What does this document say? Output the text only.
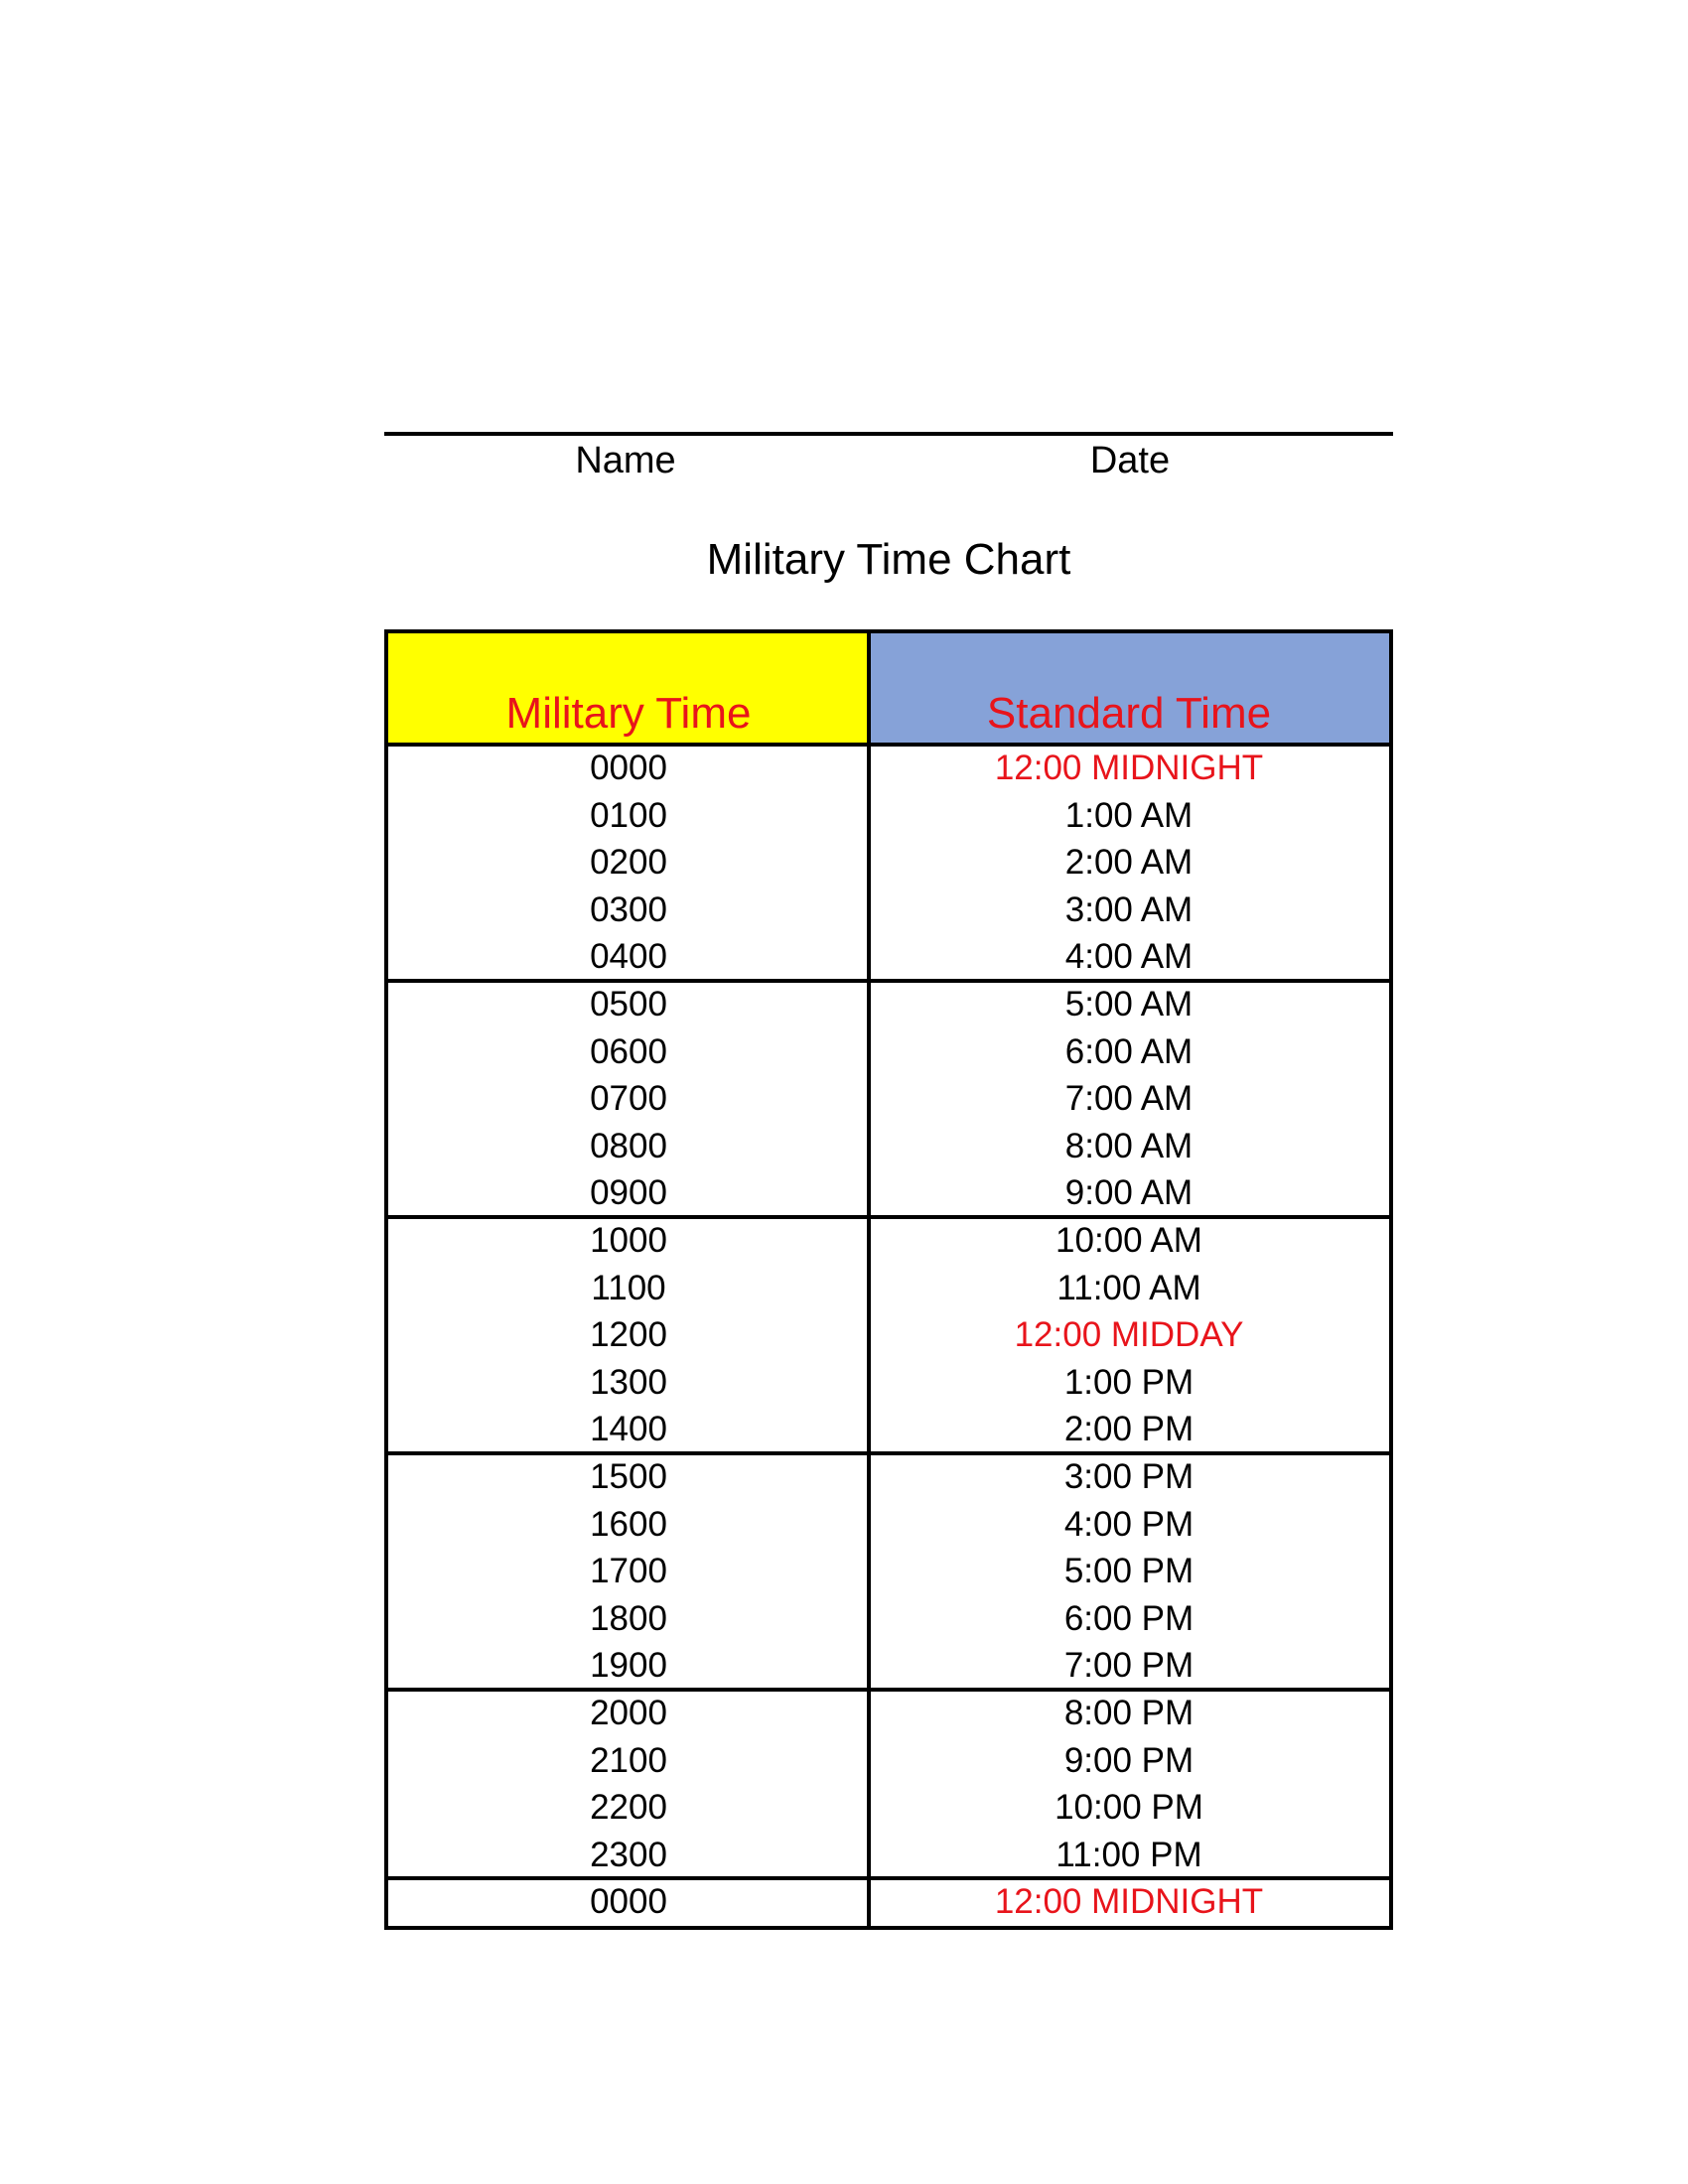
Name	Date
Military Time Chart
Military Time	Standard Time
0000	12:00 MIDNIGHT
0100	1:00 AM
0200	2:00 AM
0300	3:00 AM
0400	4:00 AM
0500	5:00 AM
0600	6:00 AM
0700	7:00 AM
0800	8:00 AM
0900	9:00 AM
1000	10:00 AM
1100	11:00 AM
1200	12:00 MIDDAY
1300	1:00 PM
1400	2:00 PM
1500	3:00 PM
1600	4:00 PM
1700	5:00 PM
1800	6:00 PM
1900	7:00 PM
2000	8:00 PM
2100	9:00 PM
2200	10:00 PM
2300	11:00 PM
0000	12:00 MIDNIGHT
